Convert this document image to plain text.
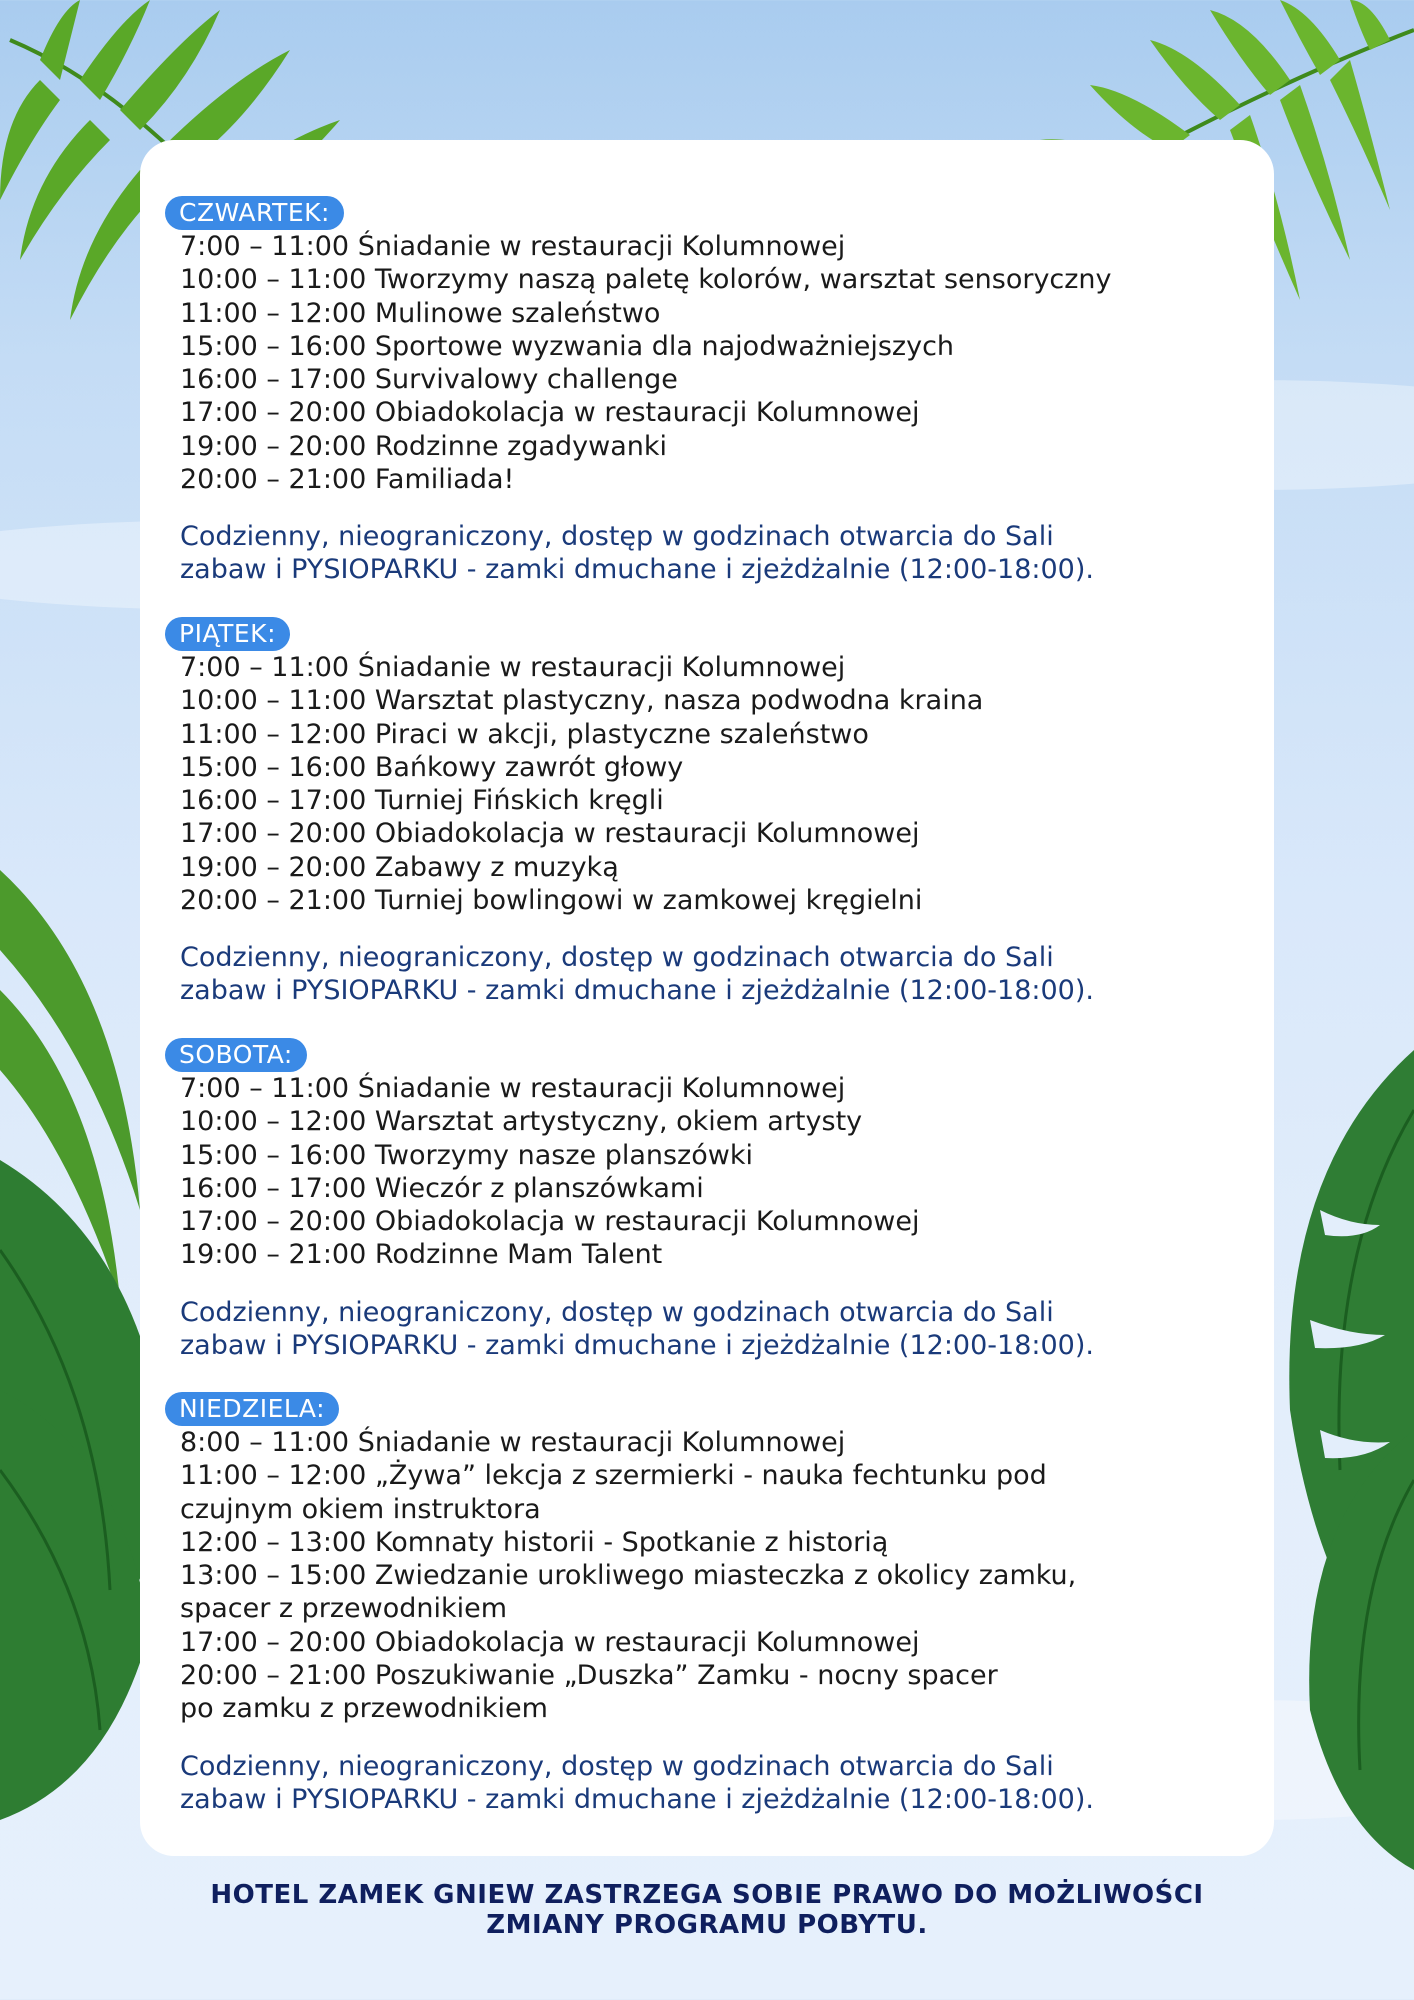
CZWARTEK:
7:00 – 11:00 Śniadanie w restauracji Kolumnowej
10:00 – 11:00 Tworzymy naszą paletę kolorów, warsztat sensoryczny
11:00 – 12:00 Mulinowe szaleństwo
15:00 – 16:00 Sportowe wyzwania dla najodważniejszych
16:00 – 17:00 Survivalowy challenge
17:00 – 20:00 Obiadokolacja w restauracji Kolumnowej
19:00 – 20:00 Rodzinne zgadywanki
20:00 – 21:00 Familiada!
Codzienny, nieograniczony, dostęp w godzinach otwarcia do Sali
zabaw i PYSIOPARKU - zamki dmuchane i zjeżdżalnie (12:00-18:00).
PIĄTEK:
7:00 – 11:00 Śniadanie w restauracji Kolumnowej
10:00 – 11:00 Warsztat plastyczny, nasza podwodna kraina
11:00 – 12:00 Piraci w akcji, plastyczne szaleństwo
15:00 – 16:00 Bańkowy zawrót głowy
16:00 – 17:00 Turniej Fińskich kręgli
17:00 – 20:00 Obiadokolacja w restauracji Kolumnowej
19:00 – 20:00 Zabawy z muzyką
20:00 – 21:00 Turniej bowlingowi w zamkowej kręgielni
Codzienny, nieograniczony, dostęp w godzinach otwarcia do Sali
zabaw i PYSIOPARKU - zamki dmuchane i zjeżdżalnie (12:00-18:00).
SOBOTA:
7:00 – 11:00 Śniadanie w restauracji Kolumnowej
10:00 – 12:00 Warsztat artystyczny, okiem artysty
15:00 – 16:00 Tworzymy nasze planszówki
16:00 – 17:00 Wieczór z planszówkami
17:00 – 20:00 Obiadokolacja w restauracji Kolumnowej
19:00 – 21:00 Rodzinne Mam Talent
Codzienny, nieograniczony, dostęp w godzinach otwarcia do Sali
zabaw i PYSIOPARKU - zamki dmuchane i zjeżdżalnie (12:00-18:00).
NIEDZIELA:
8:00 – 11:00 Śniadanie w restauracji Kolumnowej
11:00 – 12:00 „Żywa” lekcja z szermierki - nauka fechtunku pod
czujnym okiem instruktora
12:00 – 13:00 Komnaty historii - Spotkanie z historią
13:00 – 15:00 Zwiedzanie urokliwego miasteczka z okolicy zamku,
spacer z przewodnikiem
17:00 – 20:00 Obiadokolacja w restauracji Kolumnowej
20:00 – 21:00 Poszukiwanie „Duszka” Zamku - nocny spacer
po zamku z przewodnikiem
Codzienny, nieograniczony, dostęp w godzinach otwarcia do Sali
zabaw i PYSIOPARKU - zamki dmuchane i zjeżdżalnie (12:00-18:00).
HOTEL ZAMEK GNIEW ZASTRZEGA SOBIE PRAWO DO MOŻLIWOŚCI
ZMIANY PROGRAMU POBYTU.
